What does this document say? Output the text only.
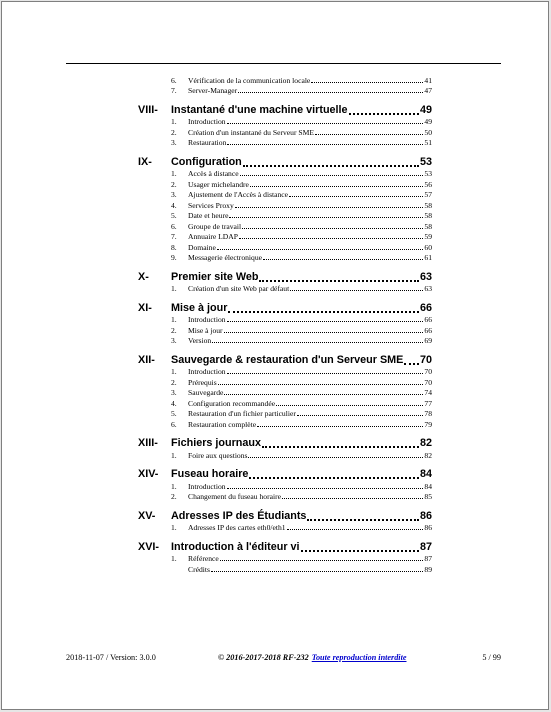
6. Vérification de la communication locale	41
7. Server-Manager	47
VIII- Instantané d'une machine virtuelle	49
1. Introduction	49
2. Création d'un instantané du Serveur SME	50
3. Restauration	51
IX- Configuration	53
1. Accès à distance	53
2. Usager michelandre	56
3. Ajustement de l'Accès à distance	57
4. Services Proxy	58
5. Date et heure	58
6. Groupe de travail	58
7. Annuaire LDAP	59
8. Domaine	60
9. Messagerie électronique	61
X- Premier site Web	63
1. Création d'un site Web par défaut	63
XI- Mise à jour	66
1. Introduction	66
2. Mise à jour	66
3. Version	69
XII- Sauvegarde & restauration d'un Serveur SME 70
1. Introduction	70
2. Prérequis	70
3. Sauvegarde	74
4. Configuration recommandée	77
5. Restauration d'un fichier particulier	78
6. Restauration complète	79
XIII- Fichiers journaux	82
1. Foire aux questions	82
XIV- Fuseau horaire	84
1. Introduction	84
2. Changement du fuseau horaire	85
XV- Adresses IP des Étudiants	86
1. Adresses IP des cartes eth0/eth1	86
XVI- Introduction à l'éditeur vi	87
1. Référence	87
Crédits	89
2018-11-07 / Version: 3.0.0	© 2016-2017-2018 RF-232 Toute reproduction interdite	5 / 99
